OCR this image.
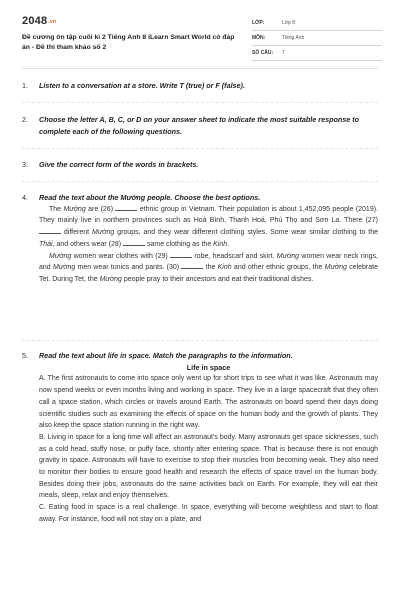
2048.vn
Đề cương ôn tập cuối kì 2 Tiếng Anh 8 iLearn Smart World có đáp án - Đề thi tham khảo số 2
LỚP:	Lớp 8
MÔN:	Tiếng Anh
SỐ CÂU:	7
1. Listen to a conversation at a store. Write T (true) or F (false).
2. Choose the letter A, B, C, or D on your answer sheet to indicate the most suitable response to complete each of the following questions.
3. Give the correct form of the words in brackets.
4. Read the text about the Mường people. Choose the best options.

The Mường are (26)	ethnic group in Vietnam. Their population is about 1,452,095 people (2019). They mainly live in northern provinces such as Hoà Bình, Thanh Hoá, Phú Thọ and Sơn La. There (27)  different Mường groups, and they wear different clothing styles. Some wear similar clothing to the Thái, and others wear (28)	same clothing as the Kinh.

Mường women wear clothes with (29)	robe, headscarf and skirt. Mường women wear neck rings, and Mường men wear tunics and pants. (30)	the Kinh and other ethnic groups, the Mường celebrate Tet. During Tet, the Mường people pray to their ancestors and eat their traditional dishes.

5. Read the text about life in space. Match the paragraphs to the information.
Life in space

A. The first astronauts to come into space only went up for short trips to see what it was like. Astronauts may now spend weeks or even months living and working in space. They live in a large spacecraft that they often call a space station, which circles or travels around Earth. The astronauts on board spend their days doing scientific studies such as examining the effects of space on the human body and the growth of plants. They also keep the space station running in the right way.

B. Living in space for a long time will affect an astronaut's body. Many astronauts get space sicknesses, such as a cold head, stuffy nose, or puffy face, shortly after entering space. That is because there is not enough gravity in space. Astronauts will have to exercise to stop their muscles from becoming weak. They also need to monitor their bodies to ensure good health and research the effects of space travel on the human body. Besides doing their jobs, astronauts do the same activities back on Earth. For example, they will eat their meals, sleep, relax and enjoy themselves.

C. Eating food in space is a real challenge. In space, everything will become weightless and start to float away. For instance, food will not stay on a plate, and
